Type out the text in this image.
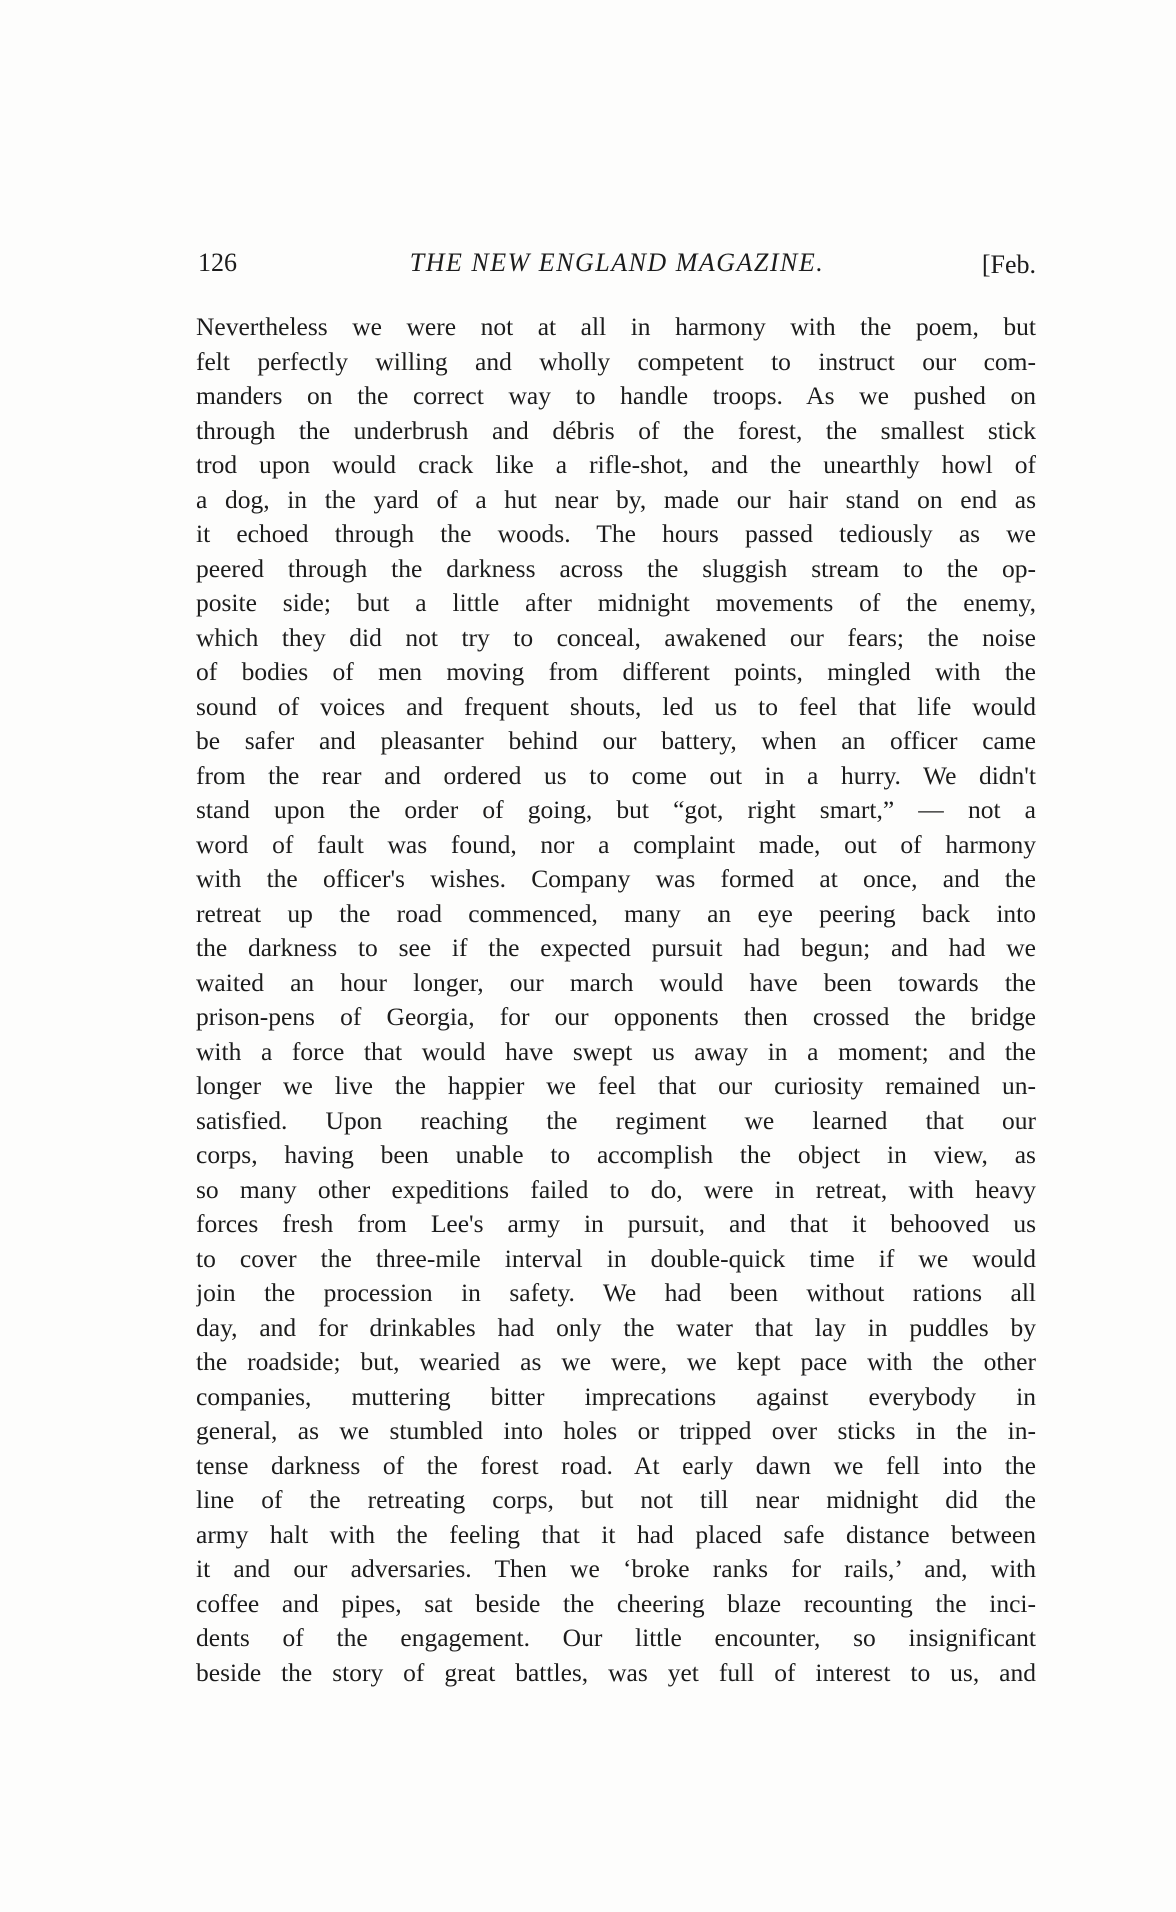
126	THE NEW ENGLAND MAGAZINE.	[Feb.
Nevertheless we were not at all in harmony with the poem, but
felt perfectly willing and wholly competent to instruct our com-
manders on the correct way to handle troops. As we pushed on
through the underbrush and débris of the forest, the smallest stick
trod upon would crack like a rifle-shot, and the unearthly howl of
a dog, in the yard of a hut near by, made our hair stand on end as
it echoed through the woods. The hours passed tediously as we
peered through the darkness across the sluggish stream to the op-
posite side; but a little after midnight movements of the enemy,
which they did not try to conceal, awakened our fears; the noise
of bodies of men moving from different points, mingled with the
sound of voices and frequent shouts, led us to feel that life would
be safer and pleasanter behind our battery, when an officer came
from the rear and ordered us to come out in a hurry. We didn't
stand upon the order of going, but “got, right smart,” — not a
word of fault was found, nor a complaint made, out of harmony
with the officer's wishes. Company was formed at once, and the
retreat up the road commenced, many an eye peering back into
the darkness to see if the expected pursuit had begun; and had we
waited an hour longer, our march would have been towards the
prison-pens of Georgia, for our opponents then crossed the bridge
with a force that would have swept us away in a moment; and the
longer we live the happier we feel that our curiosity remained un-
satisfied. Upon reaching the regiment we learned that our
corps, having been unable to accomplish the object in view, as
so many other expeditions failed to do, were in retreat, with heavy
forces fresh from Lee's army in pursuit, and that it behooved us
to cover the three-mile interval in double-quick time if we would
join the procession in safety. We had been without rations all
day, and for drinkables had only the water that lay in puddles by
the roadside; but, wearied as we were, we kept pace with the other
companies, muttering bitter imprecations against everybody in
general, as we stumbled into holes or tripped over sticks in the in-
tense darkness of the forest road. At early dawn we fell into the
line of the retreating corps, but not till near midnight did the
army halt with the feeling that it had placed safe distance between
it and our adversaries. Then we ‘broke ranks for rails,’ and, with
coffee and pipes, sat beside the cheering blaze recounting the inci-
dents of the engagement. Our little encounter, so insignificant
beside the story of great battles, was yet full of interest to us, and
